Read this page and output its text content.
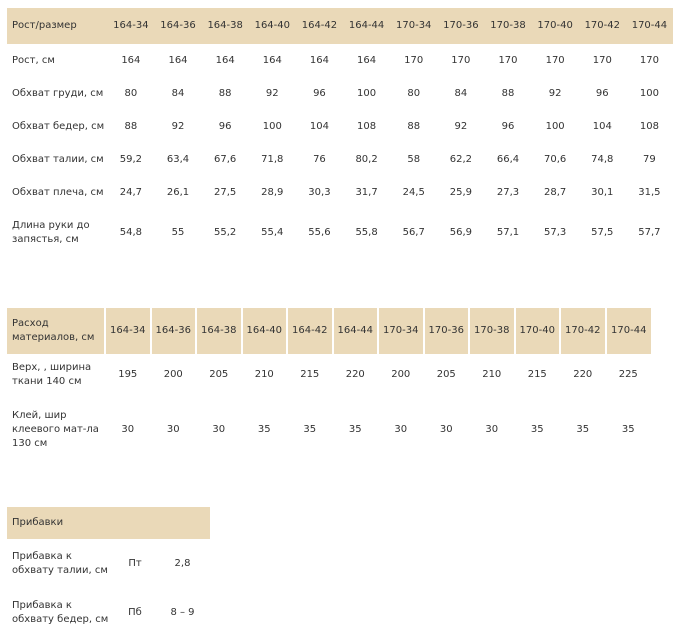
Рост/размер	164-34	164-36	164-38	164-40	164-42	164-44	170-34	170-36	170-38	170-40	170-42	170-44
Рост, см	164	164	164	164	164	164	170	170	170	170	170	170
Обхват груди, см	80	84	88	92	96	100	80	84	88	92	96	100
Обхват бедер, см	88	92	96	100	104	108	88	92	96	100	104	108
Обхват талии, см	59,2	63,4	67,6	71,8	76	80,2	58	62,2	66,4	70,6	74,8	79
Обхват плеча, см	24,7	26,1	27,5	28,9	30,3	31,7	24,5	25,9	27,3	28,7	30,1	31,5
Длина руки до запястья, см	54,8	55	55,2	55,4	55,6	55,8	56,7	56,9	57,1	57,3	57,5	57,7
Расход материалов, см	164-34	164-36	164-38	164-40	164-42	164-44	170-34	170-36	170-38	170-40	170-42	170-44
Верх, , ширина ткани 140 см	195	200	205	210	215	220	200	205	210	215	220	225
Клей, шир клеевого мат-ла 130 см	30	30	30	35	35	35	30	30	30	35	35	35
Прибавки		
Прибавка к обхвату талии, см	Пт	2,8
Прибавка к обхвату бедер, см	Пб	8 – 9
